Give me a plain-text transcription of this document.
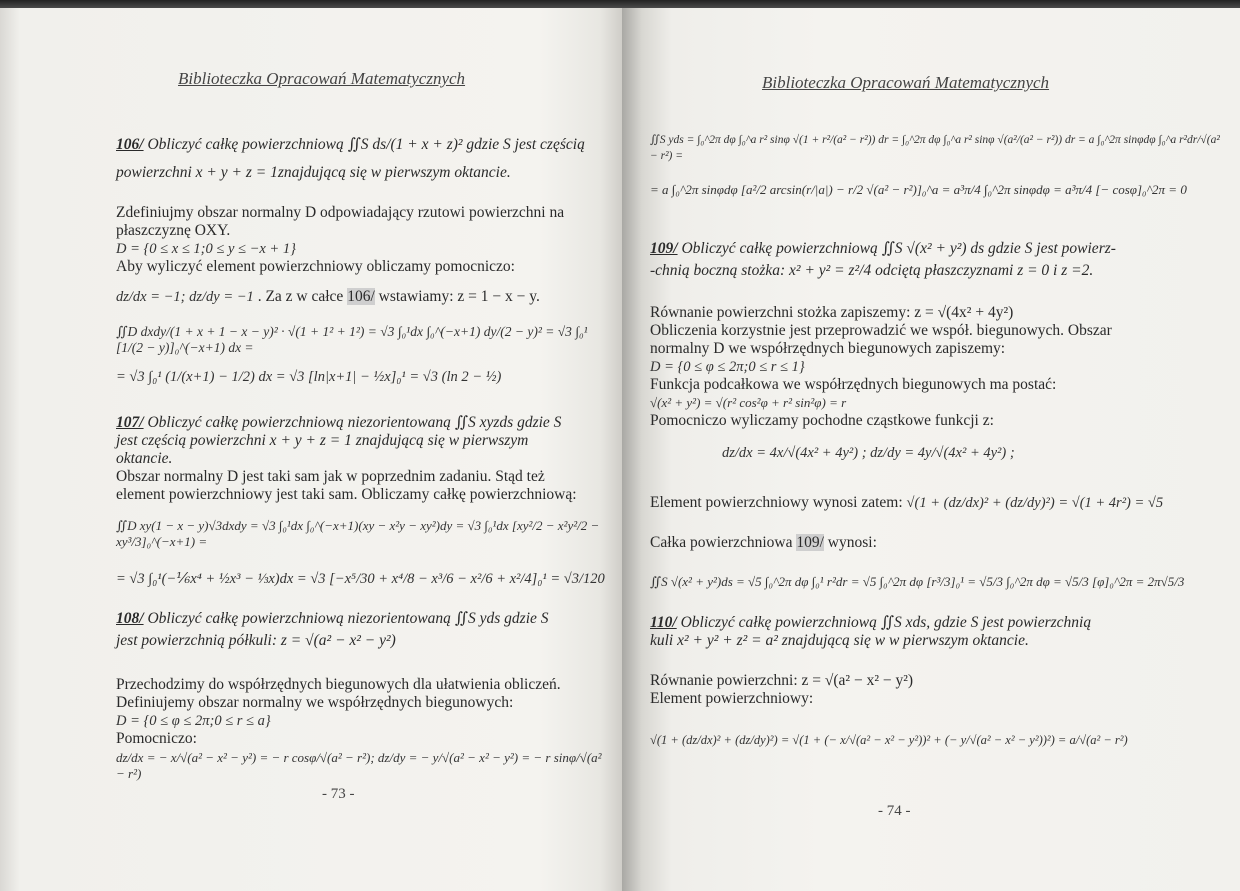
Biblioteczka Opracowań Matematycznych
106/ Obliczyć całkę powierzchniową ∬S ds/(1 + x + z)² gdzie S jest częścią
powierzchni x + y + z = 1znajdującą się w pierwszym oktancie.
Zdefiniujmy obszar normalny D odpowiadający rzutowi powierzchni na
płaszczyznę OXY.
D = {0 ≤ x ≤ 1;0 ≤ y ≤ −x + 1}
Aby wyliczyć element powierzchniowy obliczamy pomocniczo:
dz/dx = −1; dz/dy = −1 . Za z w całce 106/ wstawiamy: z = 1 − x − y.
∬D dxdy/(1 + x + 1 − x − y)² · √(1 + 1² + 1²) = √3 ∫₀¹dx ∫₀^(−x+1) dy/(2 − y)² = √3 ∫₀¹ [1/(2 − y)]₀^(−x+1) dx =
= √3 ∫₀¹ (1/(x+1) − 1/2) dx = √3 [ln|x+1| − ½x]₀¹ = √3 (ln 2 − ½)
107/ Obliczyć całkę powierzchniową niezorientowaną ∬S xyzds gdzie S
jest częścią powierzchni x + y + z = 1 znajdującą się w pierwszym
oktancie.
Obszar normalny D jest taki sam jak w poprzednim zadaniu. Stąd też
element powierzchniowy jest taki sam. Obliczamy całkę powierzchniową:
∬D xy(1 − x − y)√3dxdy = √3 ∫₀¹dx ∫₀^(−x+1)(xy − x²y − xy²)dy = √3 ∫₀¹dx [xy²/2 − x²y²/2 − xy³/3]₀^(−x+1) =
= √3 ∫₀¹(−⅙x⁴ + ½x³ − ⅓x)dx = √3 [−x⁵/30 + x⁴/8 − x³/6 − x²/6 + x²/4]₀¹ = √3/120
108/ Obliczyć całkę powierzchniową niezorientowaną ∬S yds gdzie S
jest powierzchnią półkuli: z = √(a² − x² − y²)
Przechodzimy do współrzędnych biegunowych dla ułatwienia obliczeń.
Definiujemy obszar normalny we współrzędnych biegunowych:
D = {0 ≤ φ ≤ 2π;0 ≤ r ≤ a}
Pomocniczo:
dz/dx = − x/√(a² − x² − y²) = − r cosφ/√(a² − r²); dz/dy = − y/√(a² − x² − y²) = − r sinφ/√(a² − r²)
- 73 -
Biblioteczka Opracowań Matematycznych
∬S yds = ∫₀^2π dφ ∫₀^a r² sinφ √(1 + r²/(a² − r²)) dr = ∫₀^2π dφ ∫₀^a r² sinφ √(a²/(a² − r²)) dr = a ∫₀^2π sinφdφ ∫₀^a r²dr/√(a² − r²) =
= a ∫₀^2π sinφdφ [a²/2 arcsin(r/|a|) − r/2 √(a² − r²)]₀^a = a³π/4 ∫₀^2π sinφdφ = a³π/4 [− cosφ]₀^2π = 0
109/ Obliczyć całkę powierzchniową ∬S √(x² + y²) ds gdzie S jest powierz-
-chnią boczną stożka: x² + y² = z²/4 odciętą płaszczyznami z = 0 i z =2.
Równanie powierzchni stożka zapiszemy: z = √(4x² + 4y²)
Obliczenia korzystnie jest przeprowadzić we współ. biegunowych. Obszar
normalny D we współrzędnych biegunowych zapiszemy:
D = {0 ≤ φ ≤ 2π;0 ≤ r ≤ 1}
Funkcja podcałkowa we współrzędnych biegunowych ma postać:
√(x² + y²) = √(r² cos²φ + r² sin²φ) = r
Pomocniczo wyliczamy pochodne cząstkowe funkcji z:
dz/dx = 4x/√(4x² + 4y²) ; dz/dy = 4y/√(4x² + 4y²) ;
Element powierzchniowy wynosi zatem: √(1 + (dz/dx)² + (dz/dy)²) = √(1 + 4r²) = √5
Całka powierzchniowa 109/ wynosi:
∬S √(x² + y²)ds = √5 ∫₀^2π dφ ∫₀¹ r²dr = √5 ∫₀^2π dφ [r³/3]₀¹ = √5/3 ∫₀^2π dφ = √5/3 [φ]₀^2π = 2π√5/3
110/ Obliczyć całkę powierzchniową ∬S xds, gdzie S jest powierzchnią
kuli x² + y² + z² = a² znajdującą się w w pierwszym oktancie.
Równanie powierzchni: z = √(a² − x² − y²)
Element powierzchniowy:
√(1 + (dz/dx)² + (dz/dy)²) = √(1 + (− x/√(a² − x² − y²))² + (− y/√(a² − x² − y²))²) = a/√(a² − r²)
- 74 -
